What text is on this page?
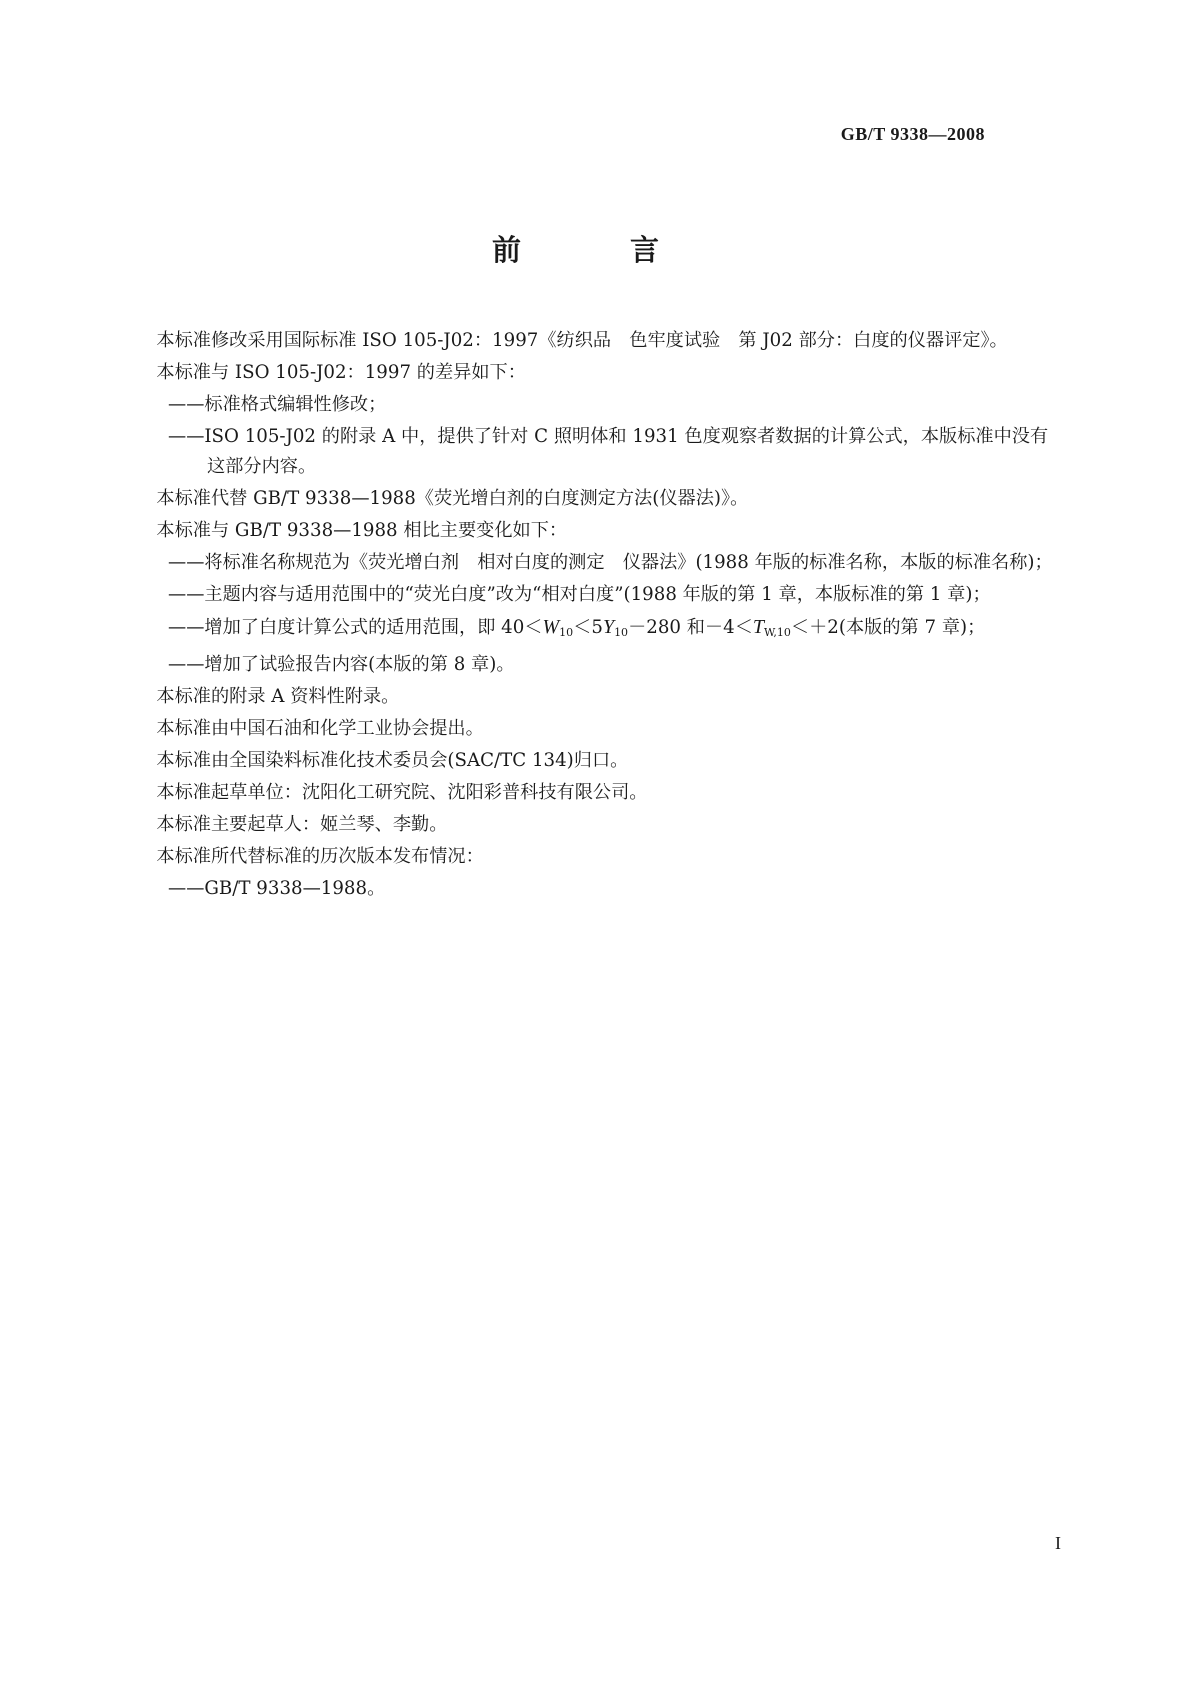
GB/T 9338—2008
前　言
本标准修改采用国际标准 ISO 105-J02：1997《纺织品　色牢度试验　第 J02 部分：白度的仪器评定》。
本标准与 ISO 105-J02：1997 的差异如下：
——标准格式编辑性修改；
——ISO 105-J02 的附录 A 中，提供了针对 C 照明体和 1931 色度观察者数据的计算公式，本版标准中没有这部分内容。
本标准代替 GB/T 9338—1988《荧光增白剂的白度测定方法(仪器法)》。
本标准与 GB/T 9338—1988 相比主要变化如下：
——将标准名称规范为《荧光增白剂　相对白度的测定　仪器法》(1988 年版的标准名称，本版的标准名称)；
——主题内容与适用范围中的“荧光白度”改为“相对白度”(1988 年版的第 1 章，本版标准的第 1 章)；
——增加了白度计算公式的适用范围，即 40＜W10＜5Y10－280 和－4＜TW,10＜＋2(本版的第 7 章)；
——增加了试验报告内容(本版的第 8 章)。
本标准的附录 A 资料性附录。
本标准由中国石油和化学工业协会提出。
本标准由全国染料标准化技术委员会(SAC/TC 134)归口。
本标准起草单位：沈阳化工研究院、沈阳彩普科技有限公司。
本标准主要起草人：姬兰琴、李勤。
本标准所代替标准的历次版本发布情况：
——GB/T 9338—1988。
I
